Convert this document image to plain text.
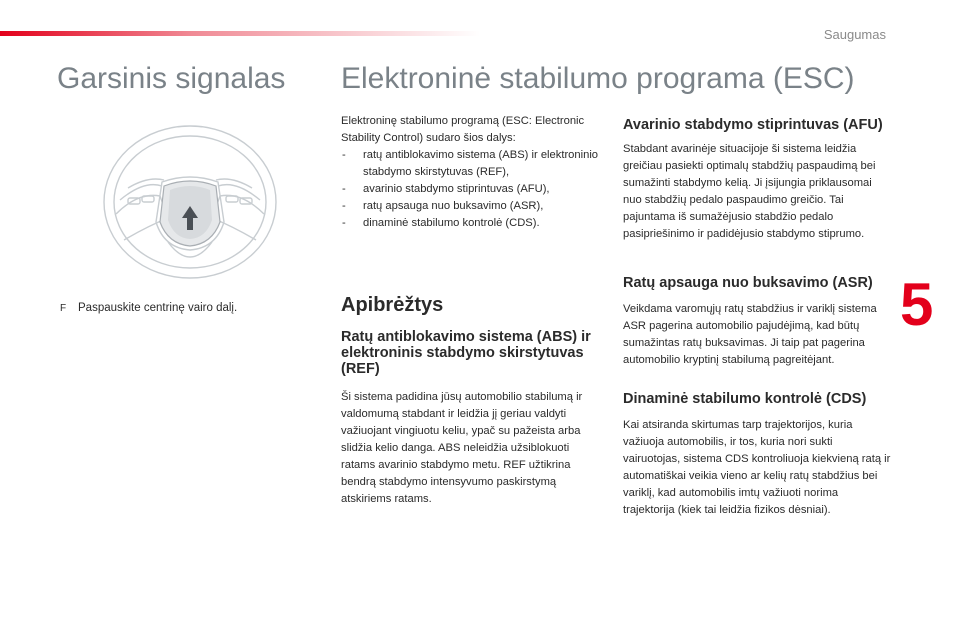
Saugumas
5
Garsinis signalas Elektroninė stabilumo programa (ESC)
F Paspauskite centrinę vairo dalį.

Elektroninę stabilumo programą (ESC: Electronic Stability Control) sudaro šios dalys:

- ratų antiblokavimo sistema (ABS) ir elektroninio stabdymo skirstytuvas (REF),
- avarinio stabdymo stiprintuvas (AFU),
- ratų apsauga nuo buksavimo (ASR),
- dinaminė stabilumo kontrolė (CDS).
Apibrėžtys
Ratų antiblokavimo sistema (ABS) ir elektroninis stabdymo skirstytuvas (REF)

Ši sistema padidina jūsų automobilio stabilumą ir valdomumą stabdant ir leidžia jį geriau valdyti važiuojant vingiuotu keliu, ypač su pažeista arba slidžia kelio danga. ABS neleidžia užsiblokuoti ratams avarinio stabdymo metu. REF užtikrina bendrą stabdymo intensyvumo paskirstymą atskiriems ratams.

Avarinio stabdymo stiprintuvas (AFU)

Stabdant avarinėje situacijoje ši sistema leidžia greičiau pasiekti optimalų stabdžių paspaudimą bei sumažinti stabdymo kelią. Ji įsijungia priklausomai nuo stabdžių pedalo paspaudimo greičio. Tai pajuntama iš sumažėjusio stabdžio pedalo pasipriešinimo ir padidėjusio stabdymo stiprumo.

Ratų apsauga nuo buksavimo (ASR)

Veikdama varomųjų ratų stabdžius ir variklį sistema ASR pagerina automobilio pajudėjimą, kad būtų sumažintas ratų buksavimas. Ji taip pat pagerina automobilio kryptinį stabilumą pagreitėjant.

Dinaminė stabilumo kontrolė (CDS)

Kai atsiranda skirtumas tarp trajektorijos, kuria važiuoja automobilis, ir tos, kuria nori sukti vairuotojas, sistema CDS kontroliuoja kiekvieną ratą ir automatiškai veikia vieno ar kelių ratų stabdžius bei variklį, kad automobilis imtų važiuoti norima trajektorija (kiek tai leidžia fizikos dėsniai).
